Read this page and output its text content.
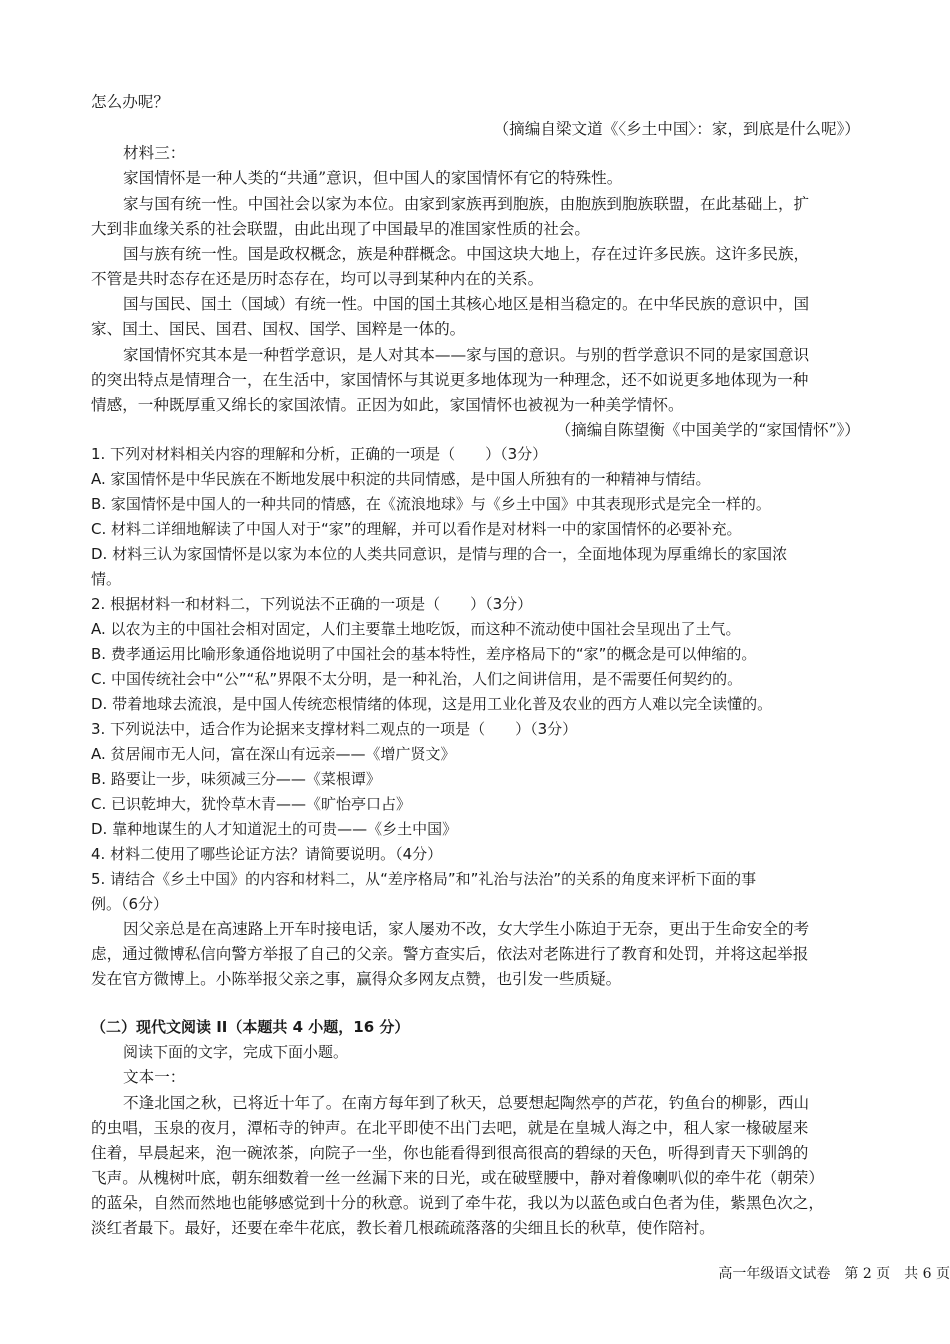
怎么办呢？
（摘编自梁文道《〈乡土中国〉：家，到底是什么呢》）
材料三：
家国情怀是一种人类的“共通”意识，但中国人的家国情怀有它的特殊性。
家与国有统一性。中国社会以家为本位。由家到家族再到胞族，由胞族到胞族联盟，在此基础上，扩
大到非血缘关系的社会联盟，由此出现了中国最早的准国家性质的社会。
国与族有统一性。国是政权概念，族是种群概念。中国这块大地上，存在过许多民族。这许多民族，
不管是共时态存在还是历时态存在，均可以寻到某种内在的关系。
国与国民、国土（国域）有统一性。中国的国土其核心地区是相当稳定的。在中华民族的意识中，国
家、国土、国民、国君、国权、国学、国粹是一体的。
家国情怀究其本是一种哲学意识，是人对其本——家与国的意识。与别的哲学意识不同的是家国意识
的突出特点是情理合一，在生活中，家国情怀与其说更多地体现为一种理念，还不如说更多地体现为一种
情感，一种既厚重又绵长的家国浓情。正因为如此，家国情怀也被视为一种美学情怀。
（摘编自陈望衡《中国美学的“家国情怀”》）
1. 下列对材料相关内容的理解和分析，正确的一项是（　　）（3分）
A. 家国情怀是中华民族在不断地发展中积淀的共同情感，是中国人所独有的一种精神与情结。
B. 家国情怀是中国人的一种共同的情感，在《流浪地球》与《乡土中国》中其表现形式是完全一样的。
C. 材料二详细地解读了中国人对于“家”的理解，并可以看作是对材料一中的家国情怀的必要补充。
D. 材料三认为家国情怀是以家为本位的人类共同意识，是情与理的合一，全面地体现为厚重绵长的家国浓
情。
2. 根据材料一和材料二，下列说法不正确的一项是（　　）（3分）
A. 以农为主的中国社会相对固定，人们主要靠土地吃饭，而这种不流动使中国社会呈现出了土气。
B. 费孝通运用比喻形象通俗地说明了中国社会的基本特性，差序格局下的“家”的概念是可以伸缩的。
C. 中国传统社会中“公”“私”界限不太分明，是一种礼治，人们之间讲信用，是不需要任何契约的。
D. 带着地球去流浪，是中国人传统恋根情绪的体现，这是用工业化普及农业的西方人难以完全读懂的。
3. 下列说法中，适合作为论据来支撑材料二观点的一项是（　　）（3分）
A. 贫居闹市无人问，富在深山有远亲——《增广贤文》
B. 路要让一步，味须减三分——《菜根谭》
C. 已识乾坤大，犹怜草木青——《旷怡亭口占》
D. 靠种地谋生的人才知道泥土的可贵——《乡土中国》
4. 材料二使用了哪些论证方法？请简要说明。（4分）
5. 请结合《乡土中国》的内容和材料二，从“差序格局”和”礼治与法治”的关系的角度来评析下面的事
例。（6分）
因父亲总是在高速路上开车时接电话，家人屡劝不改，女大学生小陈迫于无奈，更出于生命安全的考
虑，通过微博私信向警方举报了自己的父亲。警方查实后，依法对老陈进行了教育和处罚，并将这起举报
发在官方微博上。小陈举报父亲之事，赢得众多网友点赞，也引发一些质疑。
（二）现代文阅读 II（本题共 4 小题，16 分）
阅读下面的文字，完成下面小题。
文本一：
不逢北国之秋，已将近十年了。在南方每年到了秋天，总要想起陶然亭的芦花，钓鱼台的柳影，西山
的虫唱，玉泉的夜月，潭柘寺的钟声。在北平即使不出门去吧，就是在皇城人海之中，租人家一椽破屋来
住着，早晨起来，泡一碗浓茶，向院子一坐，你也能看得到很高很高的碧绿的天色，听得到青天下驯鸽的
飞声。从槐树叶底，朝东细数着一丝一丝漏下来的日光，或在破壁腰中，静对着像喇叭似的牵牛花（朝荣）
的蓝朵，自然而然地也能够感觉到十分的秋意。说到了牵牛花，我以为以蓝色或白色者为佳，紫黑色次之，
淡红者最下。最好，还要在牵牛花底，教长着几根疏疏落落的尖细且长的秋草，使作陪衬。
高一年级语文试卷　第 2 页　共 6 页
